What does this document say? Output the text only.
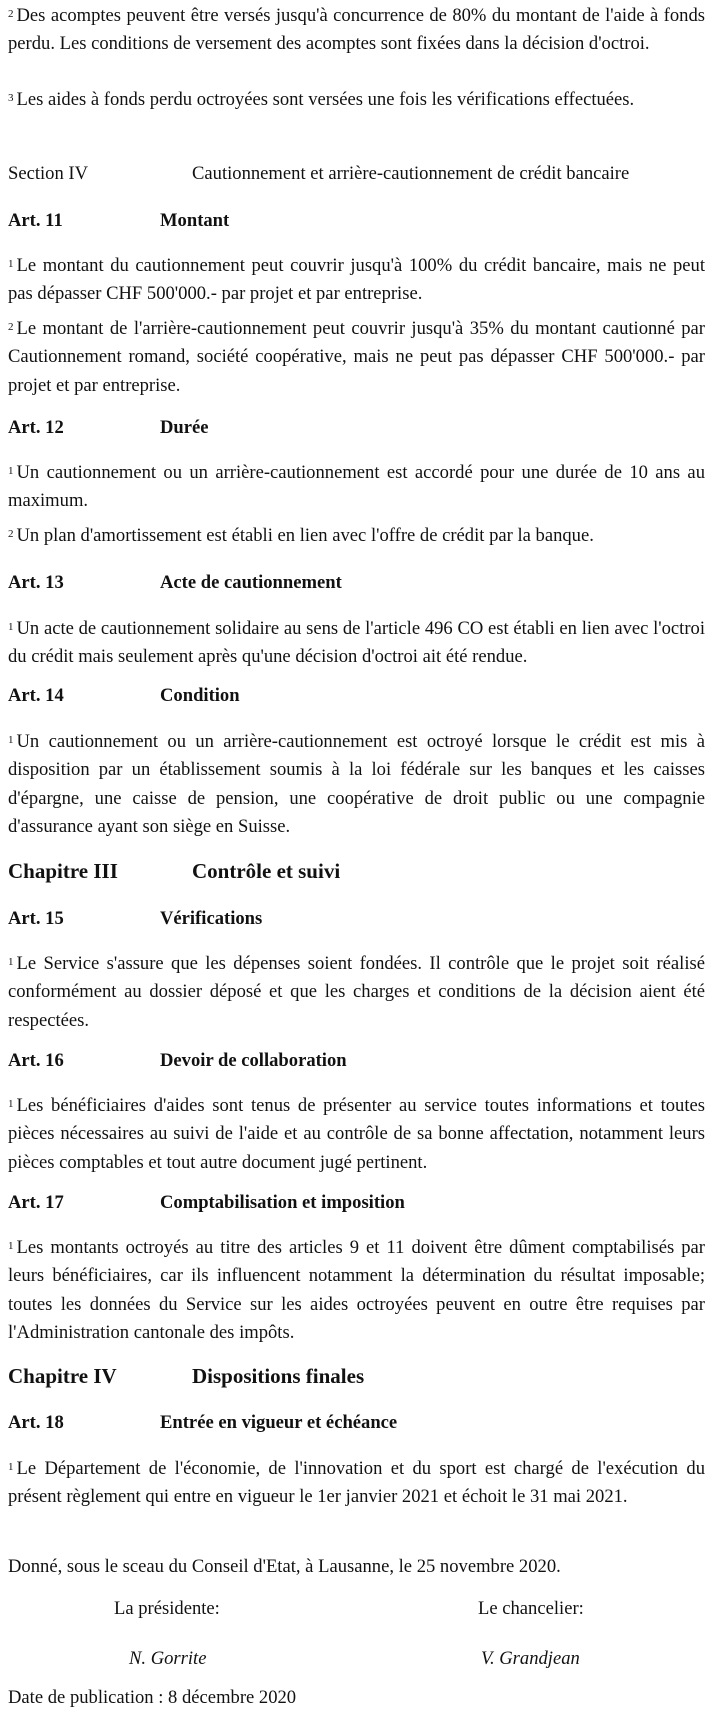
$^2$ Des acomptes peuvent être versés jusqu'à concurrence de 80% du montant de l'aide à fonds perdu. Les conditions de versement des acomptes sont fixées dans la décision d'octroi.

$^3$ Les aides à fonds perdu octroyées sont versées une fois les vérifications effectuées.

Section IV	Cautionnement et arrière-cautionnement de crédit bancaire
Art. 11	Montant

$^1$ Le montant du cautionnement peut couvrir jusqu'à 100% du crédit bancaire, mais ne peut pas dépasser CHF 500'000.- par projet et par entreprise.

$^2$ Le montant de l'arrière-cautionnement peut couvrir jusqu'à 35% du montant cautionné par Cautionnement romand, société coopérative, mais ne peut pas dépasser CHF 500'000.- par projet et par entreprise.

Art. 12	Durée

$^1$ Un cautionnement ou un arrière-cautionnement est accordé pour une durée de 10 ans au maximum.

$^2$ Un plan d'amortissement est établi en lien avec l'offre de crédit par la banque.

Art. 13	Acte de cautionnement

$^1$ Un acte de cautionnement solidaire au sens de l'article 496 CO est établi en lien avec l'octroi du crédit mais seulement après qu'une décision d'octroi ait été rendue.

Art. 14	Condition

$^1$ Un cautionnement ou un arrière-cautionnement est octroyé lorsque le crédit est mis à disposition par un établissement soumis à la loi fédérale sur les banques et les caisses d'épargne, une caisse de pension, une coopérative de droit public ou une compagnie d'assurance ayant son siège en Suisse.

Chapitre III	Contrôle et suivi
Art. 15	Vérifications

$^1$ Le Service s'assure que les dépenses soient fondées. Il contrôle que le projet soit réalisé conformément au dossier déposé et que les charges et conditions de la décision aient été respectées.

Art. 16	Devoir de collaboration

$^1$ Les bénéficiaires d'aides sont tenus de présenter au service toutes informations et toutes pièces nécessaires au suivi de l'aide et au contrôle de sa bonne affectation, notamment leurs pièces comptables et tout autre document jugé pertinent.

Art. 17	Comptabilisation et imposition

$^1$ Les montants octroyés au titre des articles 9 et 11 doivent être dûment comptabilisés par leurs bénéficiaires, car ils influencent notamment la détermination du résultat imposable; toutes les données du Service sur les aides octroyées peuvent en outre être requises par l'Administration cantonale des impôts.

Chapitre IV	Dispositions finales
Art. 18	Entrée en vigueur et échéance

$^1$ Le Département de l'économie, de l'innovation et du sport est chargé de l'exécution du présent règlement qui entre en vigueur le 1er janvier 2021 et échoit le 31 mai 2021.

Donné, sous le sceau du Conseil d'Etat, à Lausanne, le 25 novembre 2020.
La présidente:	Le chancelier:
N. Gorrite	V. Grandjean
Date de publication : 8 décembre 2020
